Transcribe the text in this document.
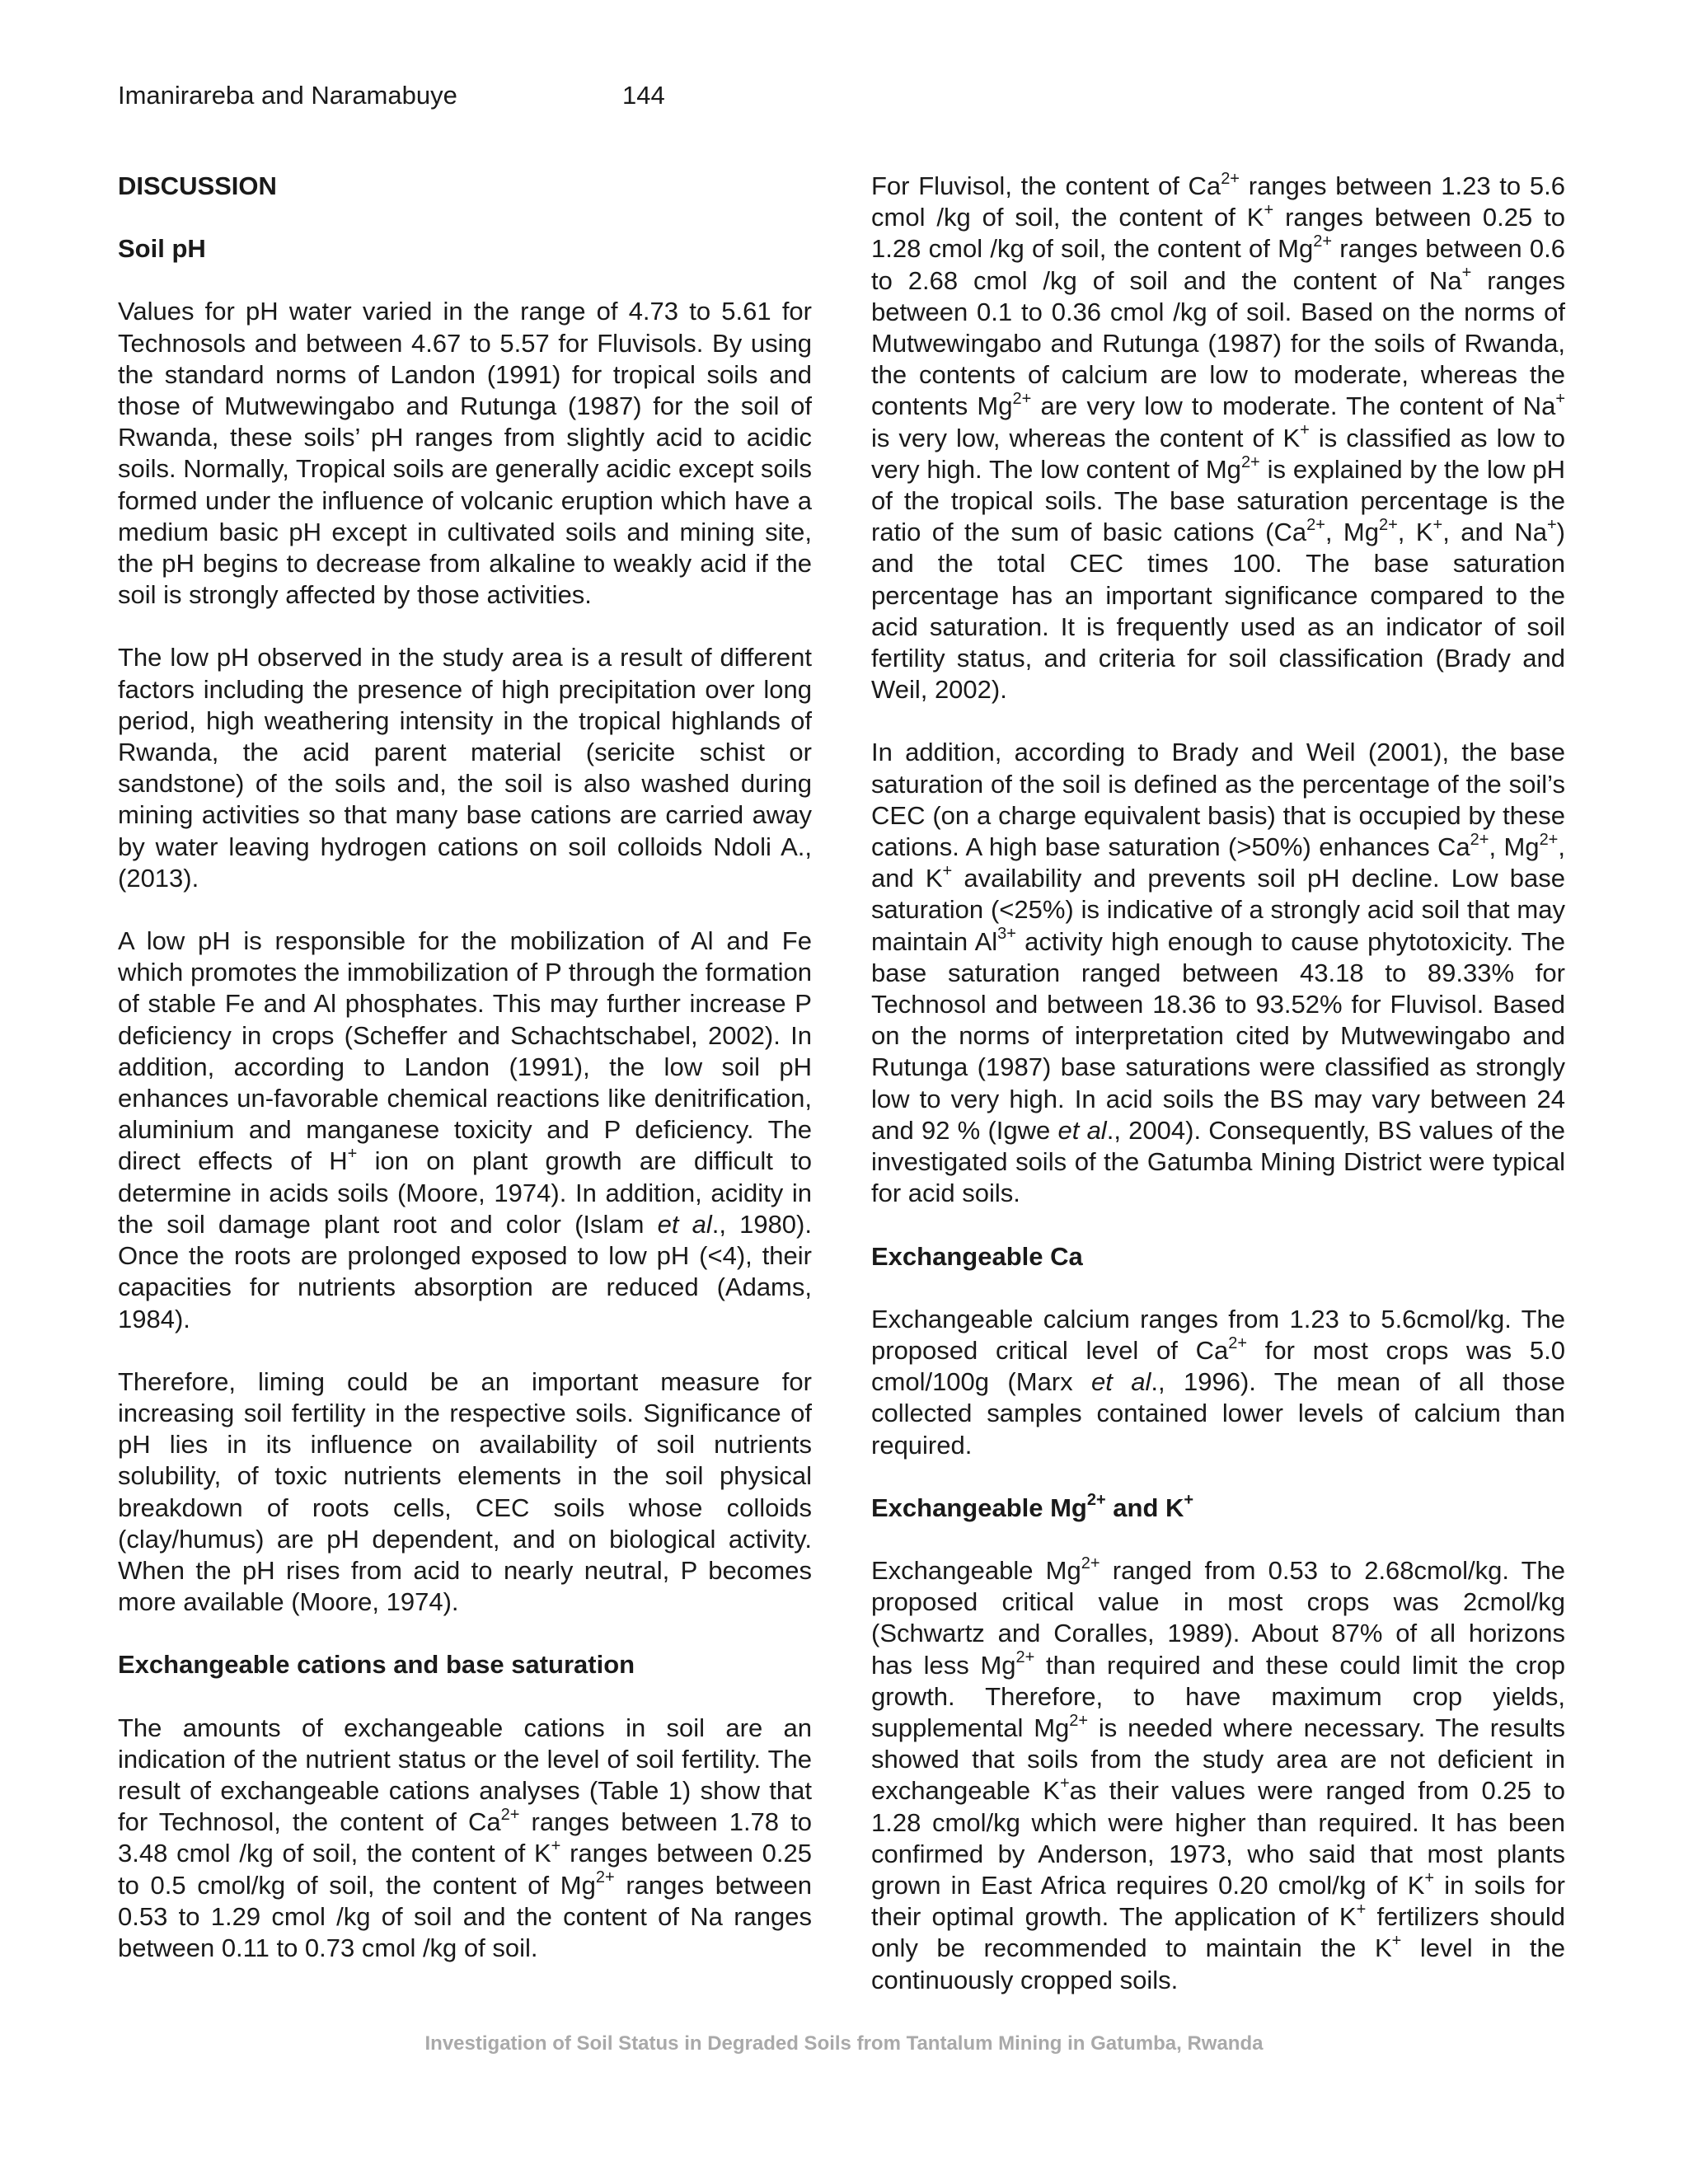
Imanirareba and Naramabuye	144
DISCUSSION
Soil pH

Values for pH water varied in the range of 4.73 to 5.61 for Technosols and between 4.67 to 5.57 for Fluvisols. By using the standard norms of Landon (1991) for tropical soils and those of Mutwewingabo and Rutunga (1987) for the soil of Rwanda, these soils’ pH ranges from slightly acid to acidic soils. Normally, Tropical soils are generally acidic except soils formed under the influence of volcanic eruption which have a medium basic pH except in cultivated soils and mining site, the pH begins to decrease from alkaline to weakly acid if the soil is strongly affected by those activities.

The low pH observed in the study area is a result of different factors including the presence of high precipitation over long period, high weathering intensity in the tropical highlands of Rwanda, the acid parent material (sericite schist or sandstone) of the soils and, the soil is also washed during mining activities so that many base cations are carried away by water leaving hydrogen cations on soil colloids Ndoli A., (2013).

A low pH is responsible for the mobilization of Al and Fe which promotes the immobilization of P through the formation of stable Fe and Al phosphates. This may further increase P deficiency in crops (Scheffer and Schachtschabel, 2002). In addition, according to Landon (1991), the low soil pH enhances un-favorable chemical reactions like denitrification, aluminium and manganese toxicity and P deficiency. The direct effects of H+ ion on plant growth are difficult to determine in acids soils (Moore, 1974). In addition, acidity in the soil damage plant root and color (Islam et al., 1980). Once the roots are prolonged exposed to low pH (<4), their capacities for nutrients absorption are reduced (Adams, 1984).

Therefore, liming could be an important measure for increasing soil fertility in the respective soils. Significance of pH lies in its influence on availability of soil nutrients solubility, of toxic nutrients elements in the soil physical breakdown of roots cells, CEC soils whose colloids (clay/humus) are pH dependent, and on biological activity. When the pH rises from acid to nearly neutral, P becomes more available (Moore, 1974).

Exchangeable cations and base saturation

The amounts of exchangeable cations in soil are an indication of the nutrient status or the level of soil fertility. The result of exchangeable cations analyses (Table 1) show that for Technosol, the content of $Ca^{2+}$ ranges between 1.78 to 3.48 cmol /kg of soil, the content of K+ ranges between 0.25 to 0.5 cmol/kg of soil, the content of $Mg^{2+}$ ranges between 0.53 to 1.29 cmol /kg of soil and the content of Na ranges between 0.11 to 0.73 cmol /kg of soil.

For Fluvisol, the content of $Ca^{2+}$ ranges between 1.23 to 5.6 cmol /kg of soil, the content of K+ ranges between 0.25 to 1.28 cmol /kg of soil, the content of $Mg^{2+}$ ranges between 0.6 to 2.68 cmol /kg of soil and the content of Na+ ranges between 0.1 to 0.36 cmol /kg of soil. Based on the norms of Mutwewingabo and Rutunga (1987) for the soils of Rwanda, the contents of calcium are low to moderate, whereas the contents $Mg^{2+}$ are very low to moderate. The content of Na+ is very low, whereas the content of K+ is classified as low to very high. The low content of $Mg^{2+}$ is explained by the low pH of the tropical soils. The base saturation percentage is the ratio of the sum of basic cations ($Ca^{2+}$, $Mg^{2+}$, K+, and Na+) and the total CEC times 100. The base saturation percentage has an important significance compared to the acid saturation. It is frequently used as an indicator of soil fertility status, and criteria for soil classification (Brady and Weil, 2002).

In addition, according to Brady and Weil (2001), the base saturation of the soil is defined as the percentage of the soil’s CEC (on a charge equivalent basis) that is occupied by these cations. A high base saturation (>50%) enhances $Ca^{2+}$, $Mg^{2+}$, and K+ availability and prevents soil pH decline. Low base saturation (<25%) is indicative of a strongly acid soil that may maintain $Al^{3+}$ activity high enough to cause phytotoxicity. The base saturation ranged between 43.18 to 89.33% for Technosol and between 18.36 to 93.52% for Fluvisol. Based on the norms of interpretation cited by Mutwewingabo and Rutunga (1987) base saturations were classified as strongly low to very high. In acid soils the BS may vary between 24 and 92 % (Igwe et al., 2004). Consequently, BS values of the investigated soils of the Gatumba Mining District were typical for acid soils.

Exchangeable Ca

Exchangeable calcium ranges from 1.23 to 5.6cmol/kg. The proposed critical level of $Ca^{2+}$ for most crops was 5.0 cmol/100g (Marx et al., 1996). The mean of all those collected samples contained lower levels of calcium than required.

Exchangeable $Mg^{2+}$ and K+

Exchangeable $Mg^{2+}$ ranged from 0.53 to 2.68cmol/kg. The proposed critical value in most crops was 2cmol/kg (Schwartz and Coralles, 1989). About 87% of all horizons has less $Mg^{2+}$ than required and these could limit the crop growth. Therefore, to have maximum crop yields, supplemental $Mg^{2+}$ is needed where necessary. The results showed that soils from the study area are not deficient in exchangeable K+as their values were ranged from 0.25 to 1.28 cmol/kg which were higher than required. It has been confirmed by Anderson, 1973, who said that most plants grown in East Africa requires 0.20 cmol/kg of K+ in soils for their optimal growth. The application of K+ fertilizers should only be recommended to maintain the K+ level in the continuously cropped soils.

Investigation of Soil Status in Degraded Soils from Tantalum Mining in Gatumba, Rwanda
